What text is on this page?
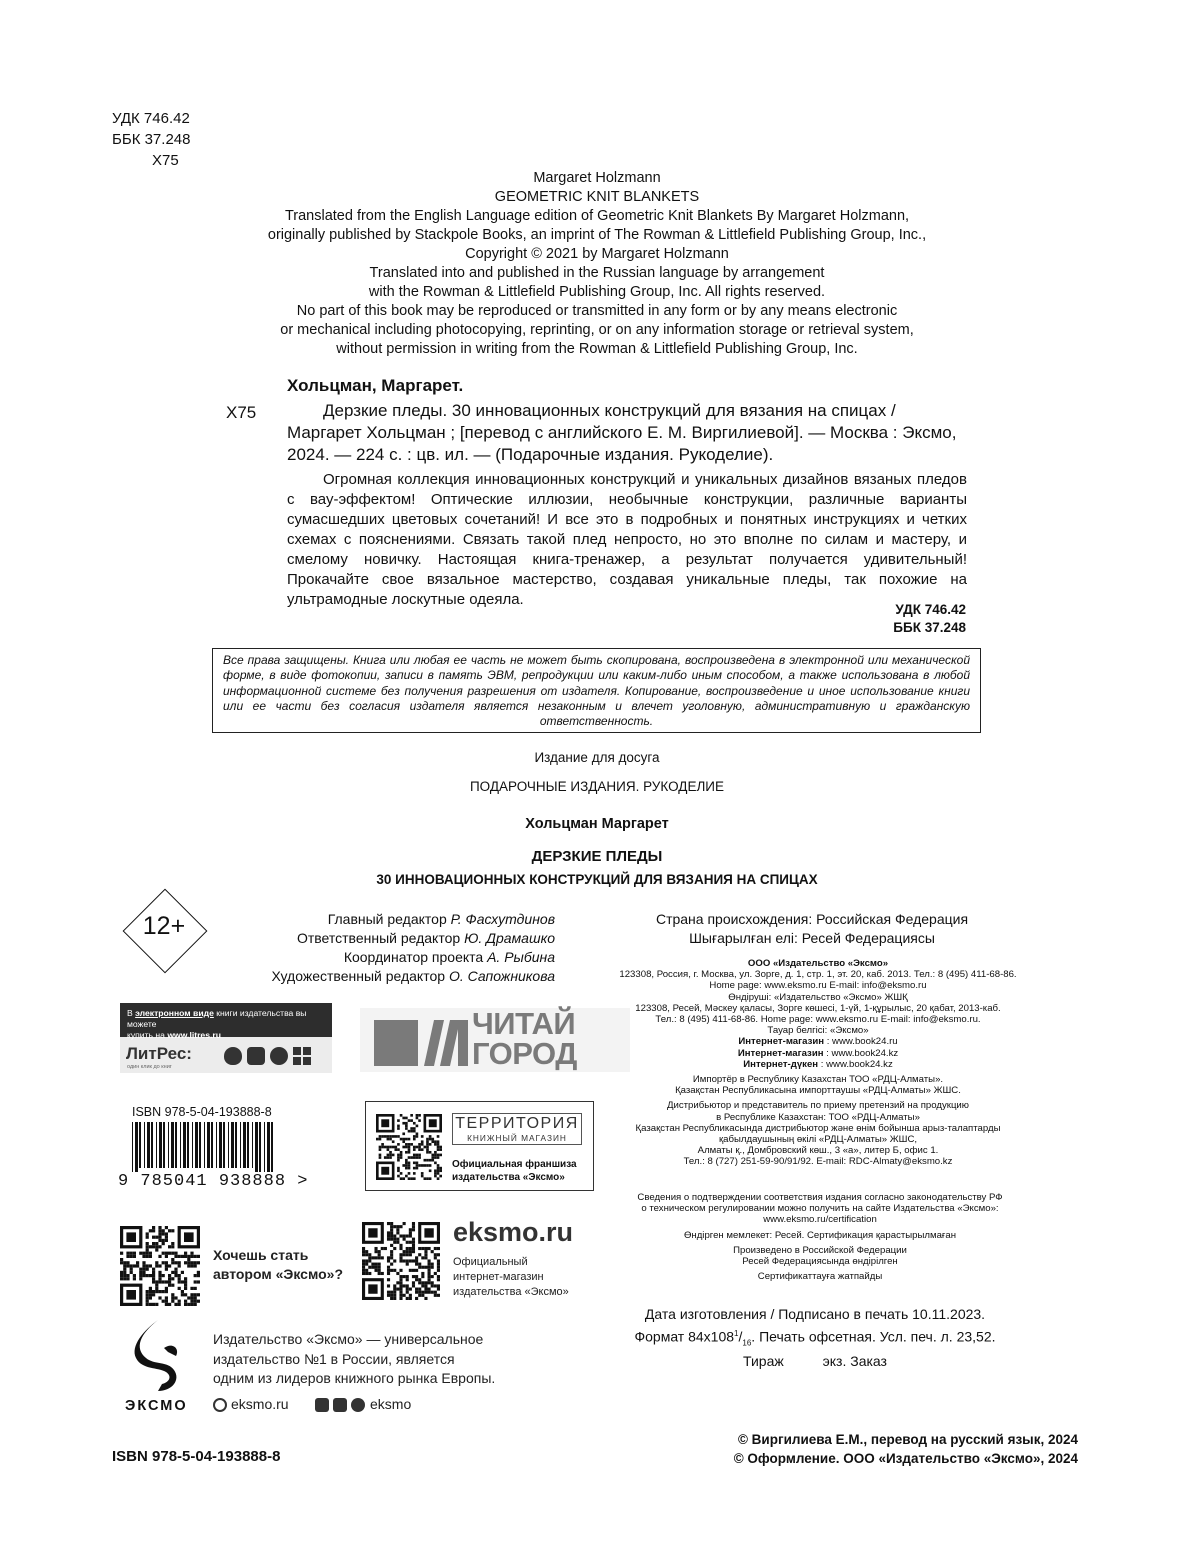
УДК 746.42
ББК 37.248
Х75
Margaret Holzmann
GEOMETRIC KNIT BLANKETS
Translated from the English Language edition of Geometric Knit Blankets By Margaret Holzmann,
originally published by Stackpole Books, an imprint of The Rowman & Littlefield Publishing Group, Inc.,
Copyright © 2021 by Margaret Holzmann
Translated into and published in the Russian language by arrangement
with the Rowman & Littlefield Publishing Group, Inc. All rights reserved.
No part of this book may be reproduced or transmitted in any form or by any means electronic
or mechanical including photocopying, reprinting, or on any information storage or retrieval system,
without permission in writing from the Rowman & Littlefield Publishing Group, Inc.
Хольцман, Маргарет.
Х75	Дерзкие пледы. 30 инновационных конструкций для вязания на спицах / Маргарет Хольцман ; [перевод с английского Е. М. Виргилиевой]. — Москва : Эксмо, 2024. — 224 с. : цв. ил. — (Подарочные издания. Рукоделие).
Огромная коллекция инновационных конструкций и уникальных дизайнов вязаных пледов с вау-эффектом! Оптические иллюзии, необычные конструкции, различные варианты сумасшедших цветовых сочетаний! И все это в подробных и понятных инструкциях и четких схемах с пояснениями. Связать такой плед непросто, но это вполне по силам и мастеру, и смелому новичку. Настоящая книга-тренажер, а результат получается удивительный! Прокачайте свое вязальное мастерство, создавая уникальные пледы, так похожие на ультрамодные лоскутные одеяла.
УДК 746.42
ББК 37.248
Все права защищены. Книга или любая ее часть не может быть скопирована, воспроизведена в электронной или механической форме, в виде фотокопии, записи в память ЭВМ, репродукции или каким-либо иным способом, а также использована в любой информационной системе без получения разрешения от издателя. Копирование, воспроизведение и иное использование книги или ее части без согласия издателя является незаконным и влечет уголовную, административную и гражданскую ответственность.
Издание для досуга
ПОДАРОЧНЫЕ ИЗДАНИЯ. РУКОДЕЛИЕ
Хольцман Маргарет
ДЕРЗКИЕ ПЛЕДЫ
30 ИННОВАЦИОННЫХ КОНСТРУКЦИЙ ДЛЯ ВЯЗАНИЯ НА СПИЦАХ
12+	Главный редактор Р. Фасхутдинов
Ответственный редактор Ю. Драмашко
Координатор проекта А. Рыбина
Художественный редактор О. Сапожникова
Страна происхождения: Российская Федерация
Шығарылған елі: Ресей Федерациясы
ООО «Издательство «Эксмо»
123308, Россия, г. Москва, ул. Зорге, д. 1, стр. 1, эт. 20, каб. 2013. Тел.: 8 (495) 411-68-86.
Home page: www.eksmo.ru E-mail: info@eksmo.ru
Өндіруші: «Издательство «Эксмо» ЖШҚ
123308, Ресей, Мәскеу қаласы, Зорге көшесі, 1-үй, 1-құрылыс, 20 қабат, 2013-каб.
Тел.: 8 (495) 411-68-86. Home page: www.eksmo.ru E-mail: info@eksmo.ru.
Тауар белгісі: «Эксмо»
Интернет-магазин : www.book24.ru
Интернет-магазин : www.book24.kz
Интернет-дүкен : www.book24.kz
Импортёр в Республику Казахстан ТОО «РДЦ-Алматы».
Қазақстан Республикасына импорттаушы «РДЦ-Алматы» ЖШС.
Дистрибьютор и представитель по приему претензий на продукцию
в Республике Казахстан: ТОО «РДЦ-Алматы»
Қазақстан Республикасында дистрибьютор және өнім бойынша арыз-талаптарды
қабылдаушының өкілі «РДЦ-Алматы» ЖШС,
Алматы қ., Домбровский көш., 3 «а», литер Б, офис 1.
Тел.: 8 (727) 251-59-90/91/92. E-mail: RDC-Almaty@eksmo.kz
В электронном виде книги издательства вы можете
купить на www.litres.ru
ЛитРес:
один клик до книг
ЧИТАЙ
ГОРОД
ISBN 978-5-04-193888-8
9 785041 938888 >
ТЕРРИТОРИЯ
КНИЖНЫЙ МАГАЗИН
Официальная франшиза
издательства «Эксмо»
Хочешь стать
автором «Эксмо»?
eksmo.ru
Официальный
интернет-магазин
издательства «Эксмо»
ЭКСМО
Издательство «Эксмо» — универсальное
издательство №1 в России, является
одним из лидеров книжного рынка Европы.
eksmo.ru	eksmo
Сведения о подтверждении соответствия издания согласно законодательству РФ
о техническом регулировании можно получить на сайте Издательства «Эксмо»:
www.eksmo.ru/certification
Өндірген мемлекет: Ресей. Сертификация қарастырылмаған
Произведено в Российской Федерации
Ресей Федерациясында өндірілген
Сертификаттауға жатпайды
Дата изготовления / Подписано в печать 10.11.2023.
Формат $84x108^1/_{16}$. Печать офсетная. Усл. печ. л. 23,52.
Тираж          экз. Заказ
© Виргилиева Е.М., перевод на русский язык, 2024
© Оформление. ООО «Издательство «Эксмо», 2024
ISBN 978-5-04-193888-8
